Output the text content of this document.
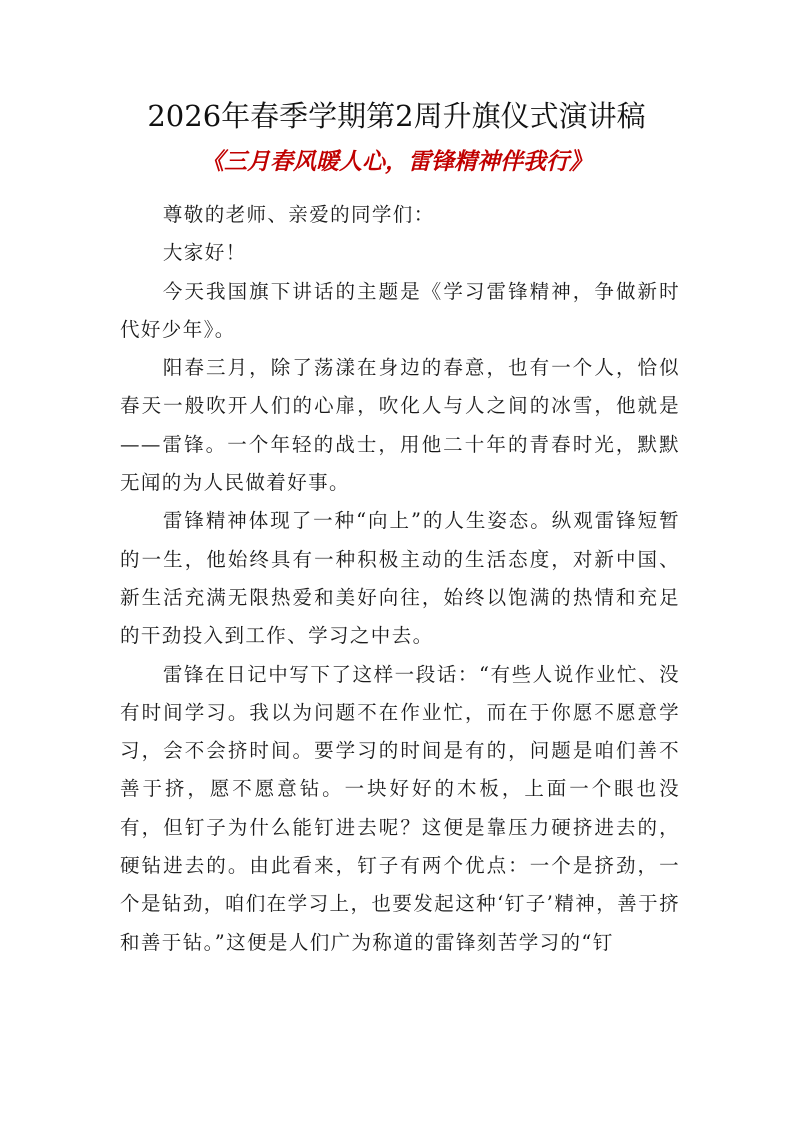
2026年春季学期第2周升旗仪式演讲稿
《三月春风暖人心，雷锋精神伴我行》

尊敬的老师、亲爱的同学们：

大家好！

今天我国旗下讲话的主题是《学习雷锋精神，争做新时代好少年》。

阳春三月，除了荡漾在身边的春意，也有一个人，恰似春天一般吹开人们的心扉，吹化人与人之间的冰雪，他就是——雷锋。一个年轻的战士，用他二十年的青春时光，默默无闻的为人民做着好事。

雷锋精神体现了一种“向上”的人生姿态。纵观雷锋短暂的一生，他始终具有一种积极主动的生活态度，对新中国、新生活充满无限热爱和美好向往，始终以饱满的热情和充足的干劲投入到工作、学习之中去。

雷锋在日记中写下了这样一段话：“有些人说作业忙、没有时间学习。我以为问题不在作业忙，而在于你愿不愿意学习，会不会挤时间。要学习的时间是有的，问题是咱们善不善于挤，愿不愿意钻。一块好好的木板，上面一个眼也没有，但钉子为什么能钉进去呢？这便是靠压力硬挤进去的，硬钻进去的。由此看来，钉子有两个优点：一个是挤劲，一个是钻劲，咱们在学习上，也要发起这种‘钉子’精神，善于挤和善于钻。”这便是人们广为称道的雷锋刻苦学习的“钉
